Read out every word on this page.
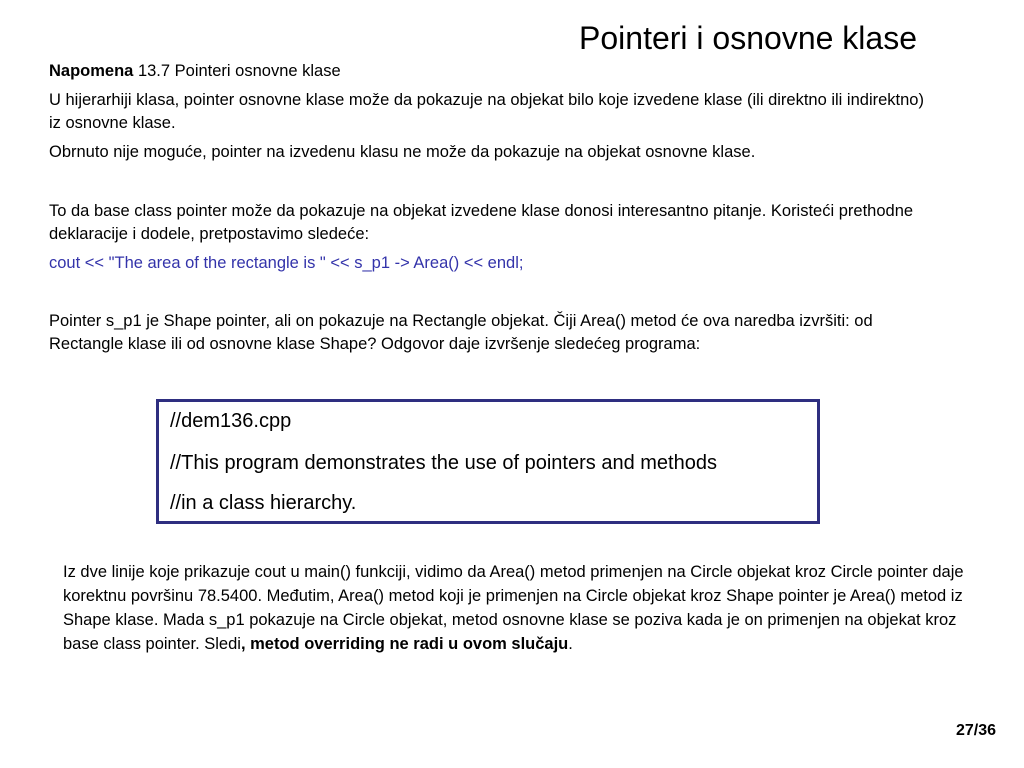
Pointeri i osnovne klase
Napomena 13.7 Pointeri osnovne klase
U hijerarhiji klasa, pointer osnovne klase može da pokazuje na objekat bilo koje izvedene klase (ili direktno ili indirektno) iz osnovne klase.
Obrnuto nije moguće, pointer na izvedenu klasu ne može da pokazuje na objekat osnovne klase.
To da base class pointer može da pokazuje na objekat izvedene klase donosi interesantno pitanje. Koristeći prethodne deklaracije i dodele, pretpostavimo sledeće:
cout << "The area of the rectangle is " << s_p1 -> Area() << endl;
Pointer s_p1 je Shape pointer, ali on pokazuje na Rectangle objekat. Čiji Area() metod će ova naredba izvršiti: od Rectangle klase ili od osnovne klase Shape? Odgovor daje izvršenje sledećeg programa:
//dem136.cpp
//This program demonstrates the use of pointers and methods
//in a class hierarchy.
Iz dve linije koje prikazuje cout u main() funkciji, vidimo da Area() metod primenjen na Circle objekat kroz Circle pointer daje korektnu površinu 78.5400. Međutim, Area() metod koji je primenjen na Circle objekat kroz Shape pointer je Area() metod iz Shape klase. Mada s_p1 pokazuje na Circle objekat, metod osnovne klase se poziva kada je on primenjen na objekat kroz base class pointer. Sledi, metod overriding ne radi u ovom slučaju.
27/36
